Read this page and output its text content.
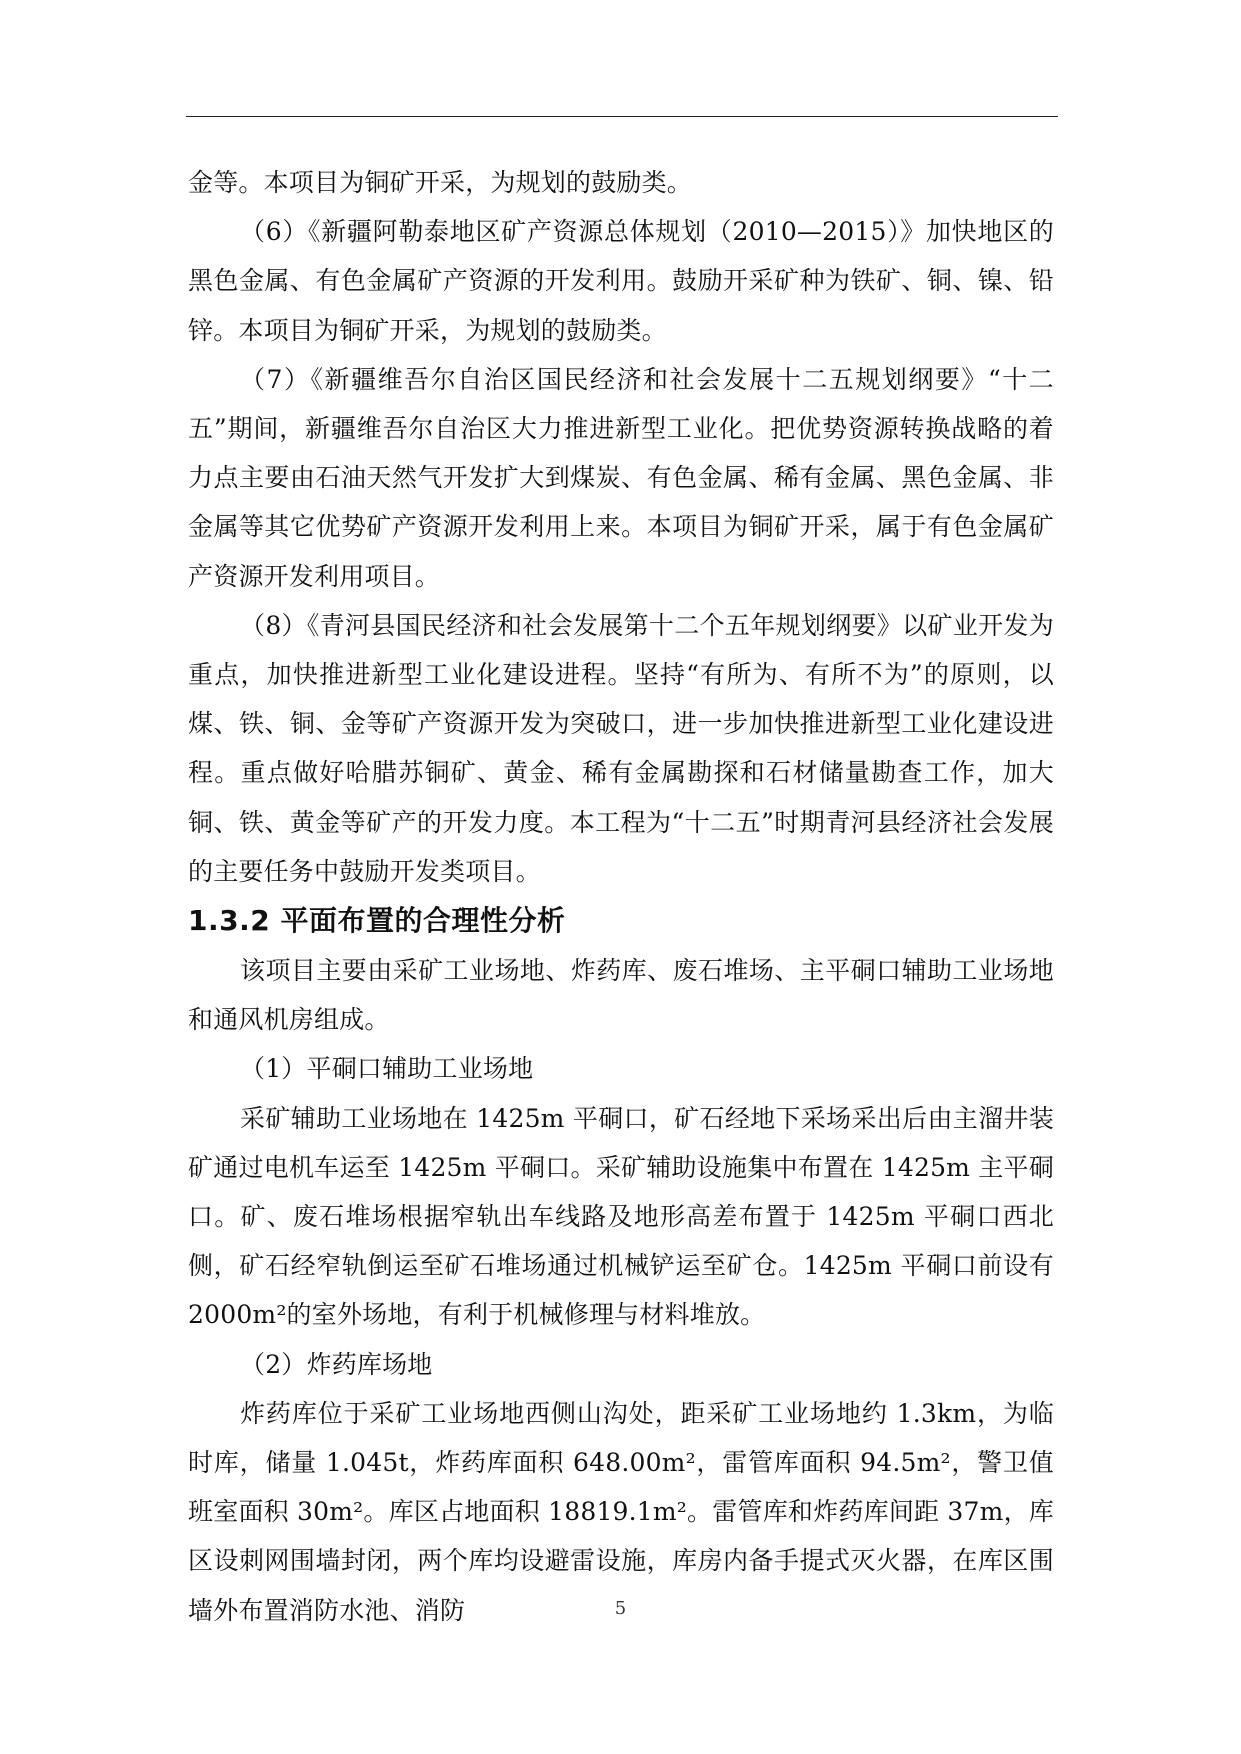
金等。本项目为铜矿开采，为规划的鼓励类。

（6）《新疆阿勒泰地区矿产资源总体规划（2010—2015）》加快地区的黑色金属、有色金属矿产资源的开发利用。鼓励开采矿种为铁矿、铜、镍、铅锌。本项目为铜矿开采，为规划的鼓励类。

（7）《新疆维吾尔自治区国民经济和社会发展十二五规划纲要》“十二五”期间，新疆维吾尔自治区大力推进新型工业化。把优势资源转换战略的着力点主要由石油天然气开发扩大到煤炭、有色金属、稀有金属、黑色金属、非金属等其它优势矿产资源开发利用上来。本项目为铜矿开采，属于有色金属矿产资源开发利用项目。

（8）《青河县国民经济和社会发展第十二个五年规划纲要》以矿业开发为重点，加快推进新型工业化建设进程。坚持“有所为、有所不为”的原则，以煤、铁、铜、金等矿产资源开发为突破口，进一步加快推进新型工业化建设进程。重点做好哈腊苏铜矿、黄金、稀有金属勘探和石材储量勘查工作，加大铜、铁、黄金等矿产的开发力度。本工程为“十二五”时期青河县经济社会发展的主要任务中鼓励开发类项目。

1.3.2 平面布置的合理性分析

该项目主要由采矿工业场地、炸药库、废石堆场、主平硐口辅助工业场地和通风机房组成。

（1）平硐口辅助工业场地

采矿辅助工业场地在 1425m 平硐口，矿石经地下采场采出后由主溜井装矿通过电机车运至 1425m 平硐口。采矿辅助设施集中布置在 1425m 主平硐口。矿、废石堆场根据窄轨出车线路及地形高差布置于 1425m 平硐口西北侧，矿石经窄轨倒运至矿石堆场通过机械铲运至矿仓。1425m 平硐口前设有 2000m²的室外场地，有利于机械修理与材料堆放。

（2）炸药库场地

炸药库位于采矿工业场地西侧山沟处，距采矿工业场地约 1.3km，为临时库，储量 1.045t，炸药库面积 648.00m²，雷管库面积 94.5m²，警卫值班室面积 30m²。库区占地面积 18819.1m²。雷管库和炸药库间距 37m，库区设刺网围墙封闭，两个库均设避雷设施，库房内备手提式灭火器，在库区围墙外布置消防水池、消防	5
